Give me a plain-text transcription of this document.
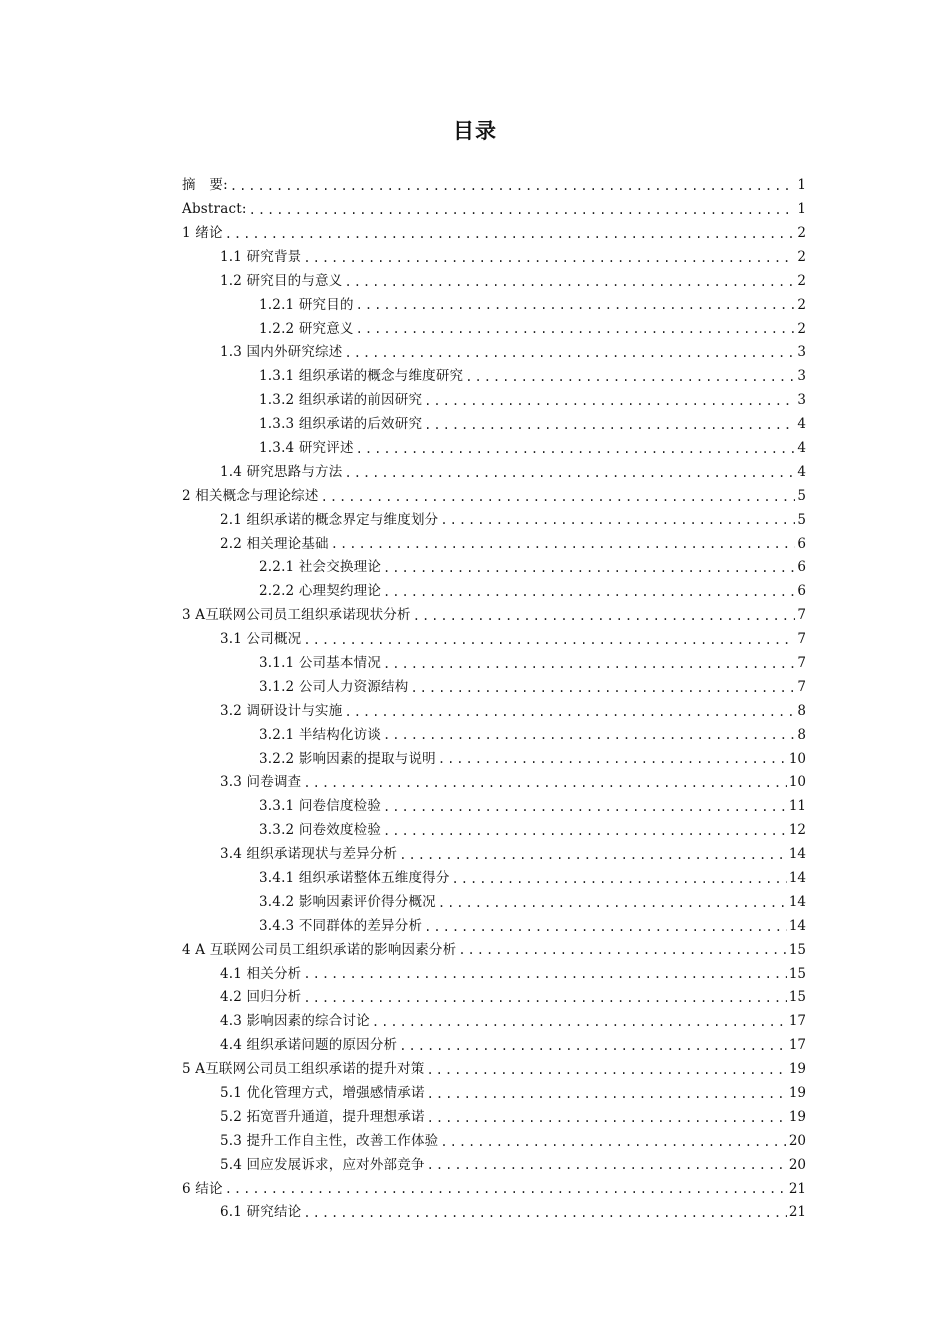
目录
摘　要: .....	1
Abstract: .....	1
1 绪论 .....	2
1.1 研究背景 .....	2
1.2 研究目的与意义 .....	2
1.2.1 研究目的 .....	2
1.2.2 研究意义 .....	2
1.3 国内外研究综述 .....	3
1.3.1 组织承诺的概念与维度研究 .....	3
1.3.2 组织承诺的前因研究 .....	3
1.3.3 组织承诺的后效研究 .....	4
1.3.4 研究评述 .....	4
1.4 研究思路与方法 .....	4
2 相关概念与理论综述 .....	5
2.1 组织承诺的概念界定与维度划分 .....	5
2.2 相关理论基础 .....	6
2.2.1 社会交换理论 .....	6
2.2.2 心理契约理论 .....	6
3 A互联网公司员工组织承诺现状分析 .....	7
3.1 公司概况 .....	7
3.1.1 公司基本情况 .....	7
3.1.2 公司人力资源结构 .....	7
3.2 调研设计与实施 .....	8
3.2.1 半结构化访谈 .....	8
3.2.2 影响因素的提取与说明 .....	10
3.3 问卷调查 .....	10
3.3.1 问卷信度检验 .....	11
3.3.2 问卷效度检验 .....	12
3.4 组织承诺现状与差异分析 .....	14
3.4.1 组织承诺整体五维度得分 .....	14
3.4.2 影响因素评价得分概况 .....	14
3.4.3 不同群体的差异分析 .....	14
4 A 互联网公司员工组织承诺的影响因素分析 .....	15
4.1 相关分析 .....	15
4.2 回归分析 .....	15
4.3 影响因素的综合讨论 .....	17
4.4 组织承诺问题的原因分析 .....	17
5 A互联网公司员工组织承诺的提升对策 .....	19
5.1 优化管理方式，增强感情承诺 .....	19
5.2 拓宽晋升通道，提升理想承诺 .....	19
5.3 提升工作自主性，改善工作体验 .....	20
5.4 回应发展诉求，应对外部竞争 .....	20
6 结论 .....	21
6.1 研究结论 .....	21
